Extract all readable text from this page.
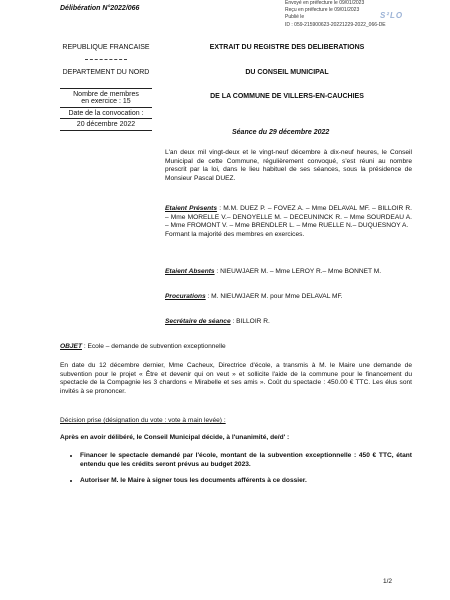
Envoyé en préfecture le 09/01/2023
Reçu en préfecture le 09/01/2023
Publié le
ID : 059-215900623-20221229-2022_066-DE
S²LO
Délibération N°2022/066
REPUBLIQUE FRANCAISE
DEPARTEMENT DU NORD
Nombre de membres
en exercice : 15
Date de la convocation :
20 décembre 2022
EXTRAIT DU REGISTRE DES DELIBERATIONS
DU CONSEIL MUNICIPAL
DE LA COMMUNE DE VILLERS-EN-CAUCHIES
Séance du 29 décembre 2022
L'an deux mil vingt-deux et le vingt-neuf décembre à dix-neuf heures, le Conseil Municipal de cette Commune, régulièrement convoqué, s'est réuni au nombre prescrit par la loi, dans le lieu habituel de ses séances, sous la présidence de Monsieur Pascal DUEZ.
Etaient Présents : M.M. DUEZ P. – FOVEZ A. – Mme DELAVAL MF. – BILLOIR R. – Mme MORELLE V.– DENOYELLE M. – DECEUNINCK R. – Mme SOURDEAU A. – Mme FROMONT V. – Mme BRENDLER L. – Mme RUELLE N.– DUQUESNOY A.
Formant la majorité des membres en exercices.
Etaient Absents : NIEUWJAER M. – Mme LEROY R.– Mme BONNET M.
Procurations : M. NIEUWJAER M. pour Mme DELAVAL MF.
Secrétaire de séance : BILLOIR R.
OBJET : Ecole – demande de subvention exceptionnelle
En date du 12 décembre dernier, Mme Cacheux, Directrice d'école, a transmis à M. le Maire une demande de subvention pour le projet « Être et devenir qui on veut » et sollicite l'aide de la commune pour le financement du spectacle de la Compagnie les 3 chardons « Mirabelle et ses amis ». Coût du spectacle : 450.00 € TTC. Les élus sont invités à se prononcer.
Décision prise (désignation du vote : vote à main levée) :
Après en avoir délibéré, le Conseil Municipal décide, à l'unanimité, de/d' :
• Financer le spectacle demandé par l'école, montant de la subvention exceptionnelle : 450 € TTC, étant entendu que les crédits seront prévus au budget 2023.
• Autoriser M. le Maire à signer tous les documents afférents à ce dossier.
1/2
